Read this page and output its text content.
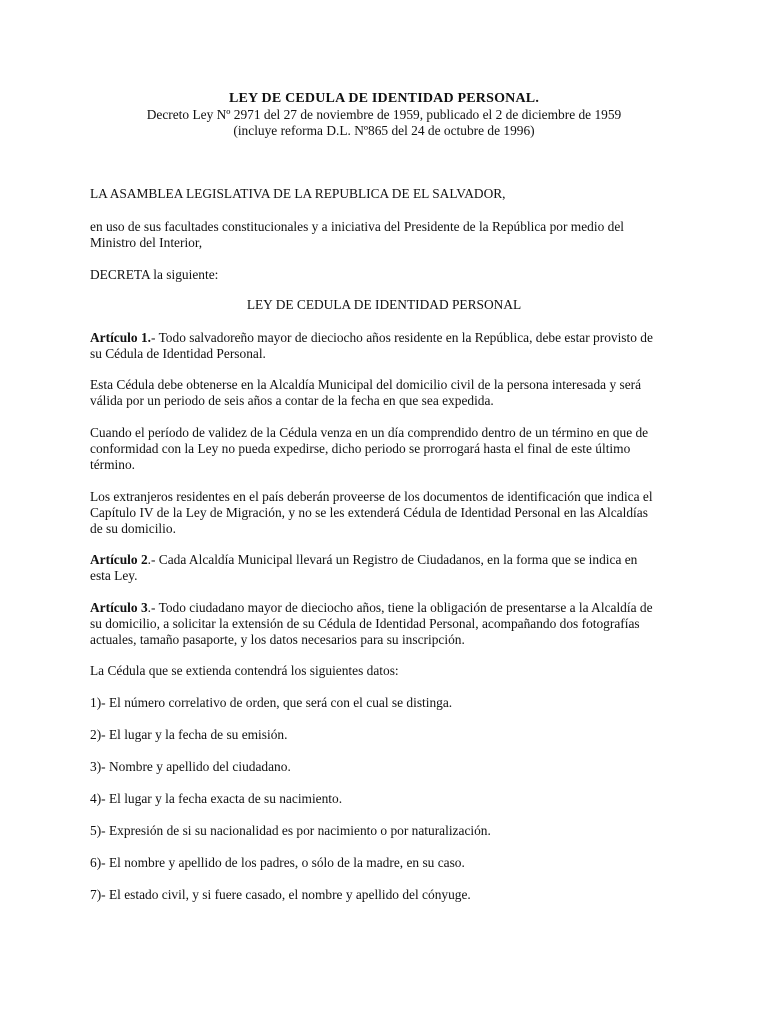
LEY DE CEDULA DE IDENTIDAD PERSONAL.
Decreto Ley Nº 2971 del 27 de noviembre de 1959, publicado el 2 de diciembre de 1959
(incluye reforma D.L. Nº865 del 24 de octubre de 1996)
LA ASAMBLEA LEGISLATIVA DE LA REPUBLICA DE EL SALVADOR,
en uso de sus facultades constitucionales y a iniciativa del Presidente de la República por medio del
Ministro del Interior,
DECRETA la siguiente:
LEY DE CEDULA DE IDENTIDAD PERSONAL
Artículo 1.- Todo salvadoreño mayor de dieciocho años residente en la República, debe estar provisto de
su Cédula de Identidad Personal.
Esta Cédula debe obtenerse en la Alcaldía Municipal del domicilio civil de la persona interesada y será
válida por un periodo de seis años a contar de la fecha en que sea expedida.
Cuando el período de validez de la Cédula venza en un día comprendido dentro de un término en que de
conformidad con la Ley no pueda expedirse, dicho periodo se prorrogará hasta el final de este último
término.
Los extranjeros residentes en el país deberán proveerse de los documentos de identificación que indica el
Capítulo IV de la Ley de Migración, y no se les extenderá Cédula de Identidad Personal en las Alcaldías
de su domicilio.
Artículo 2.- Cada Alcaldía Municipal llevará un Registro de Ciudadanos, en la forma que se indica en
esta Ley.
Artículo 3.- Todo ciudadano mayor de dieciocho años, tiene la obligación de presentarse a la Alcaldía de
su domicilio, a solicitar la extensión de su Cédula de Identidad Personal, acompañando dos fotografías
actuales, tamaño pasaporte, y los datos necesarios para su inscripción.
La Cédula que se extienda contendrá los siguientes datos:
1)- El número correlativo de orden, que será con el cual se distinga.
2)- El lugar y la fecha de su emisión.
3)- Nombre y apellido del ciudadano.
4)- El lugar y la fecha exacta de su nacimiento.
5)- Expresión de si su nacionalidad es por nacimiento o por naturalización.
6)- El nombre y apellido de los padres, o sólo de la madre, en su caso.
7)- El estado civil, y si fuere casado, el nombre y apellido del cónyuge.
